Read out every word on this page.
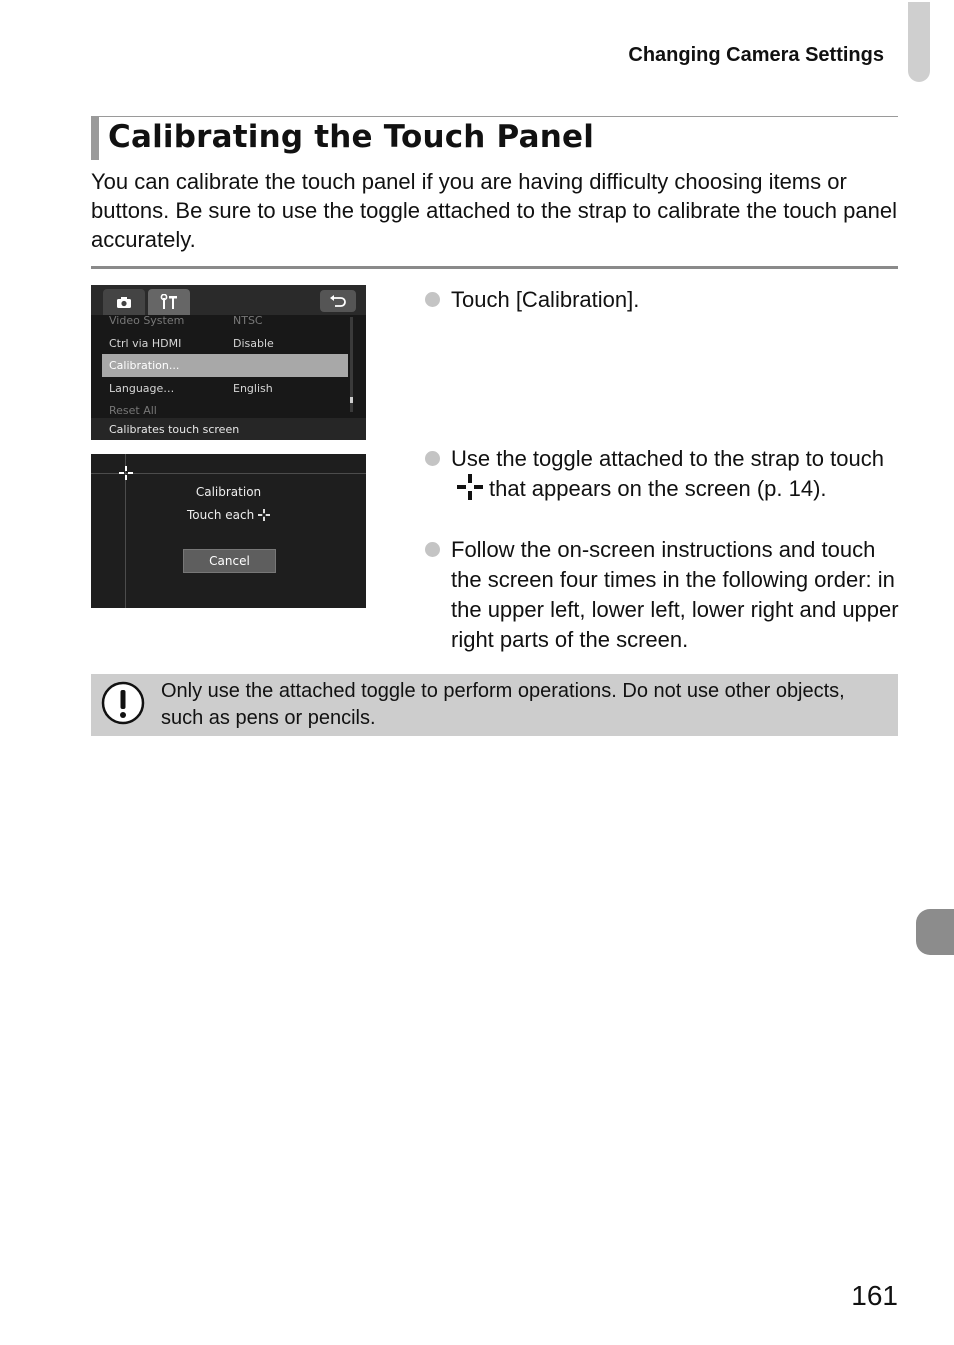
Changing Camera Settings
Calibrating the Touch Panel
You can calibrate the touch panel if you are having difficulty choosing items or buttons. Be sure to use the toggle attached to the strap to calibrate the touch panel accurately.
Video System	NTSC
Ctrl via HDMI	Disable
Calibration...
Language…	English
Reset All
Calibrates touch screen
Calibration
Touch each
Cancel
Touch [Calibration].
Use the toggle attached to the strap to touchthat appears on the screen (p. 14).
Follow the on-screen instructions and touch the screen four times in the following order: in the upper left, lower left, lower right and upper right parts of the screen.
Only use the attached toggle to perform operations. Do not use other objects, such as pens or pencils.
161
